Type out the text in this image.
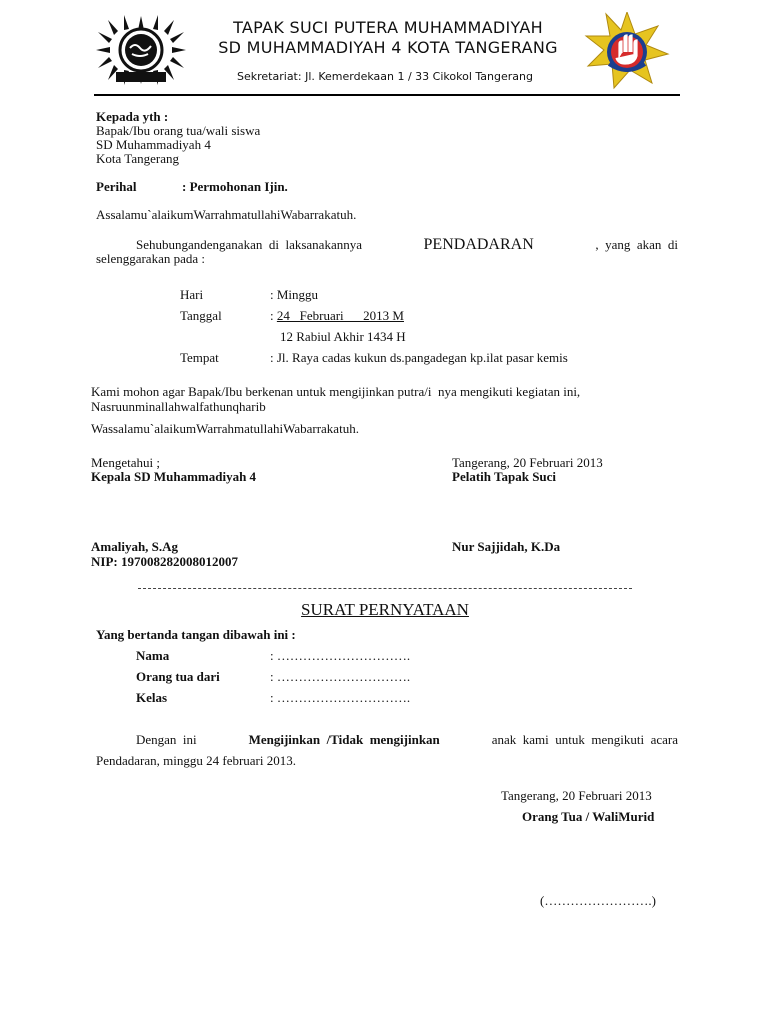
TAPAK SUCI PUTERA MUHAMMADIYAH
SD MUHAMMADIYAH 4 KOTA TANGERANG
Sekretariat: Jl. Kemerdekaan 1 / 33 Cikokol Tangerang
Kepada yth :
Bapak/Ibu orang tua/wali siswa
SD Muhammadiyah 4
Kota Tangerang
Perihal	: Permohonan Ijin.
Assalamu`alaikumWarrahmatullahiWabarrakatuh.
Sehubungandenganakan  di  laksanakannya	PENDADARAN	,  yang  akan  di
selenggarakan pada :
Hari	: Minggu
Tanggal	: 24   Februari      2013 M
12 Rabiul Akhir 1434 H
Tempat	: Jl. Raya cadas kukun ds.pangadegan kp.ilat pasar kemis
Kami mohon agar Bapak/Ibu berkenan untuk mengijinkan putra/i  nya mengikuti kegiatan ini,
Nasruunminallahwalfathunqharib
Wassalamu`alaikumWarrahmatullahiWabarrakatuh.
Mengetahui ;
Kepala SD Muhammadiyah 4
Tangerang, 20 Februari 2013
Pelatih Tapak Suci
Amaliyah, S.Ag
NIP: 197008282008012007
Nur Sajjidah, K.Da
SURAT PERNYATAAN
Yang bertanda tangan dibawah ini :
Nama	: ………………………….
Orang tua dari	: ………………………….
Kelas	: ………………………….
Dengan  ini	Mengijinkan  /Tidak  mengijinkan	anak  kami  untuk  mengikuti  acara
Pendadaran, minggu 24 februari 2013.
Tangerang, 20 Februari 2013
Orang Tua / WaliMurid
(…………………….)
